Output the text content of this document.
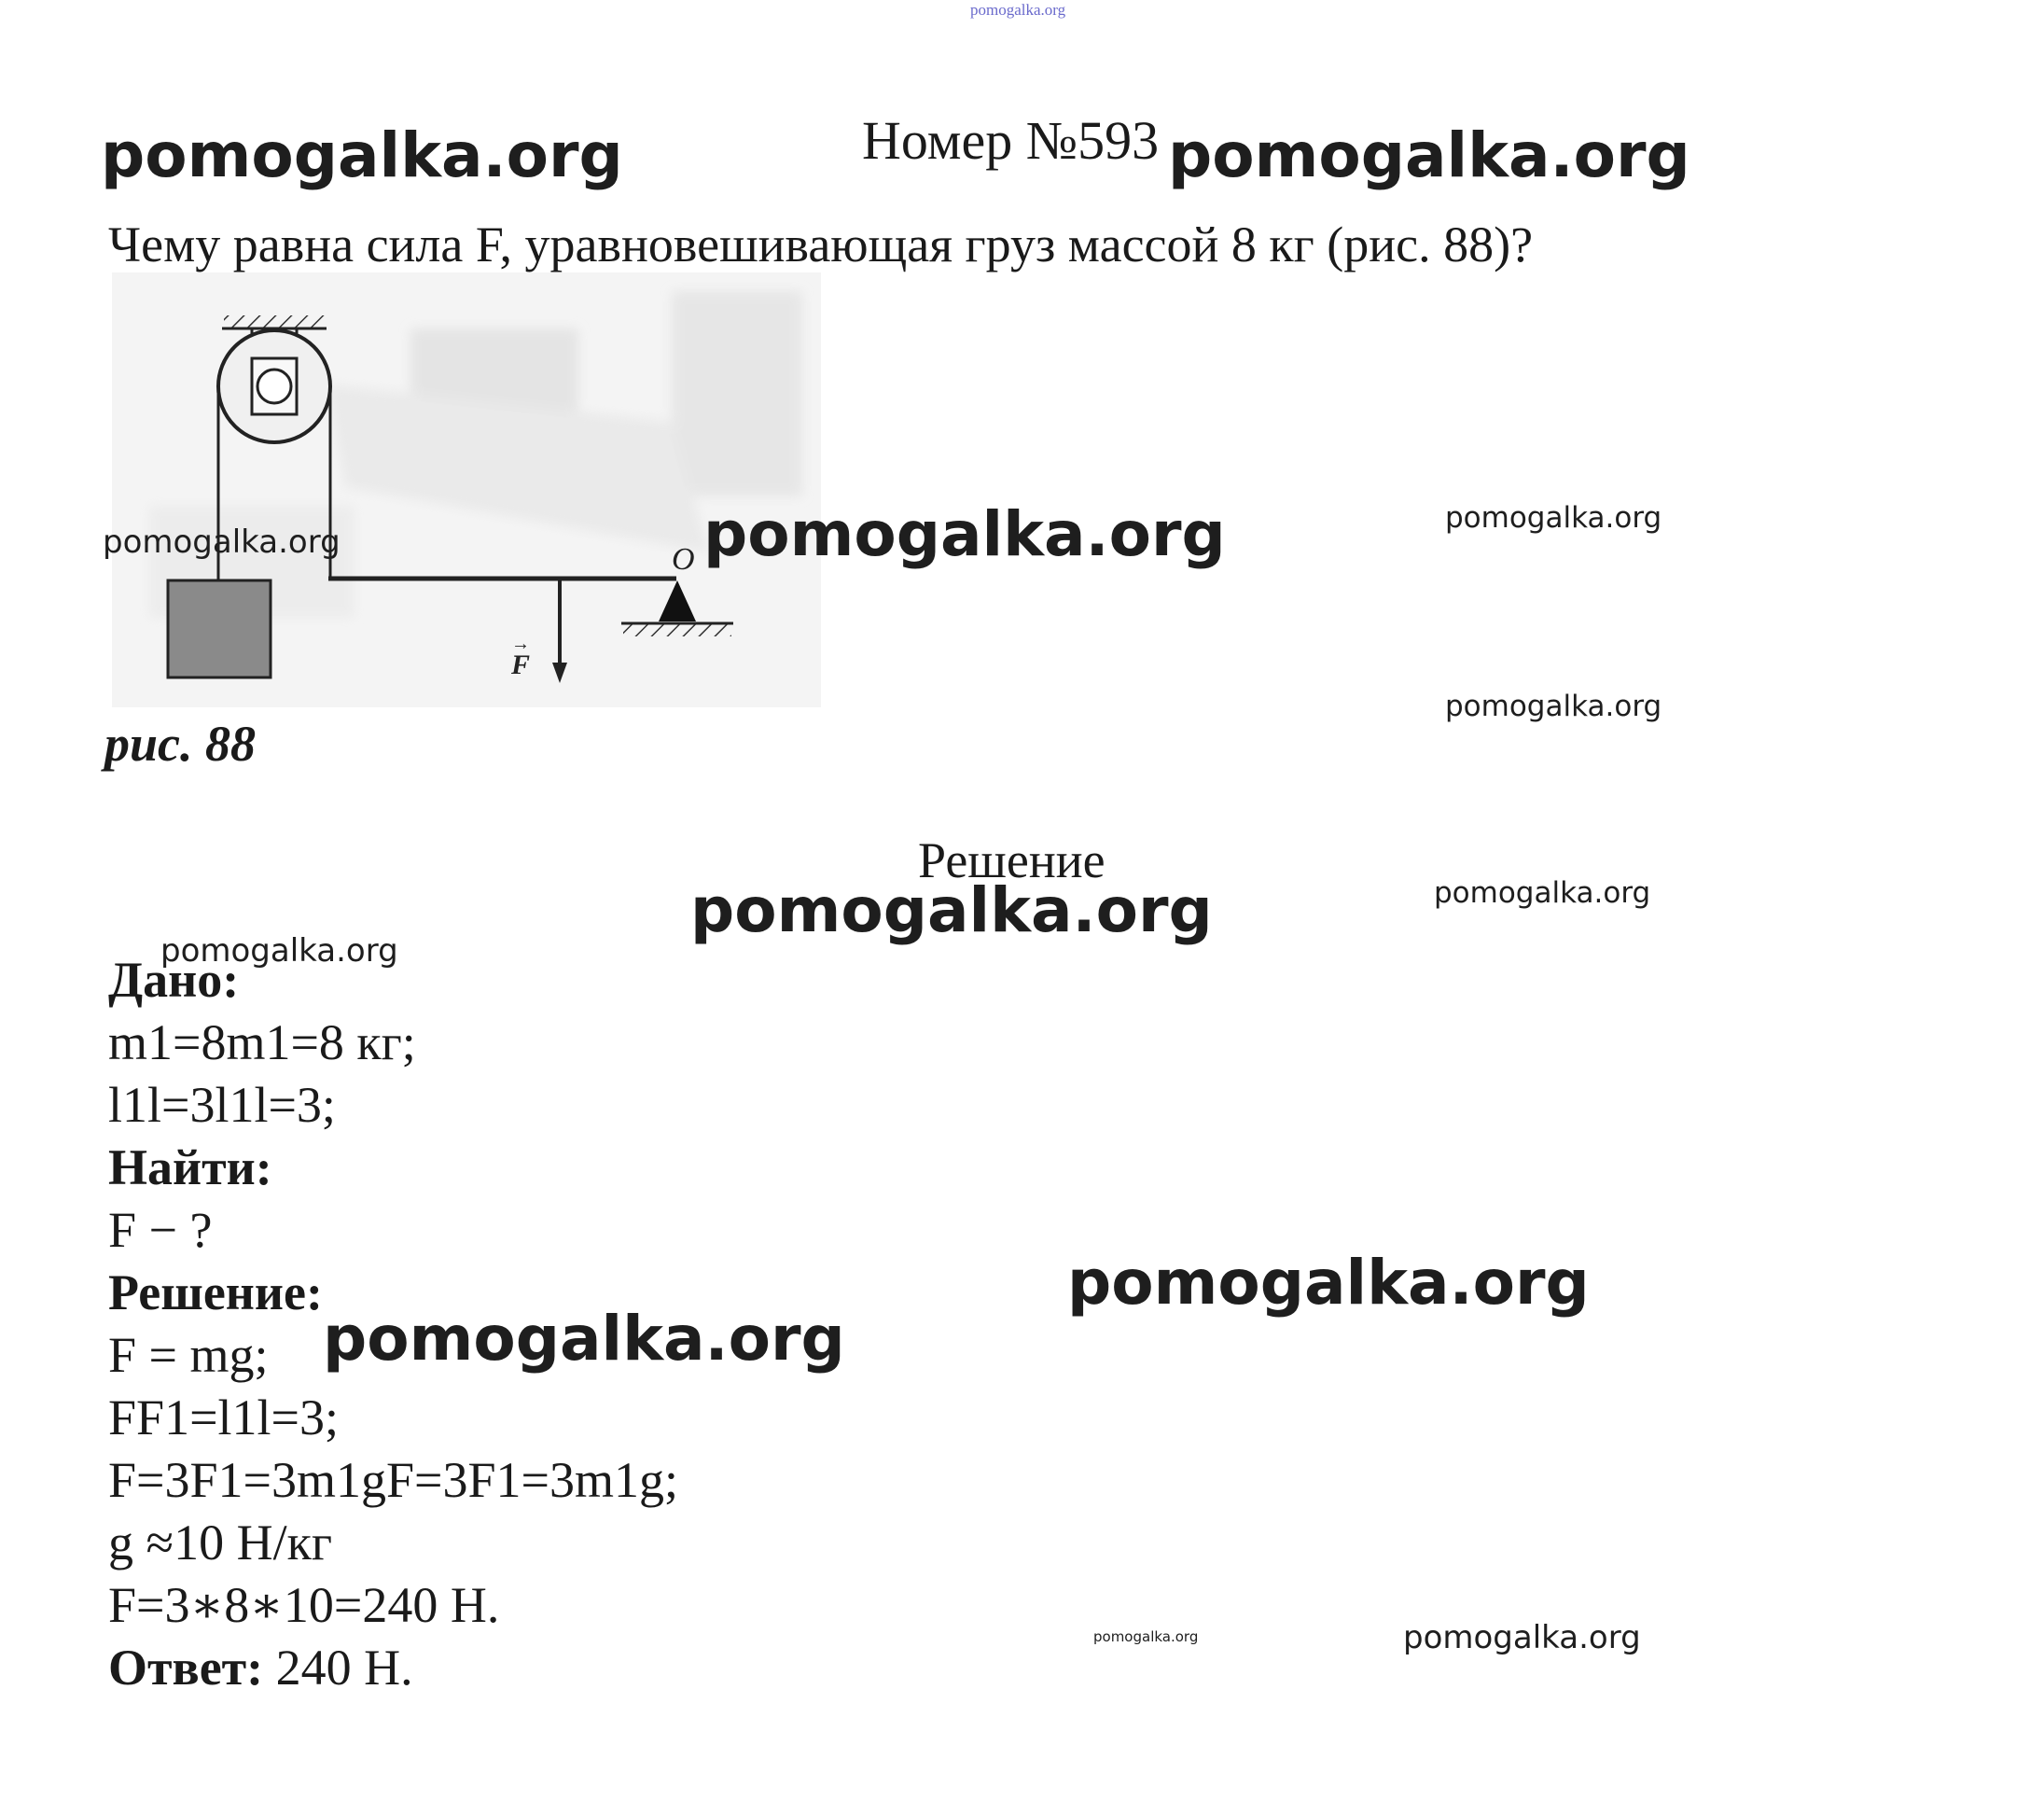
pomogalka.org
pomogalka.org	Номер №593 pomogalka.org
Чему равна сила F, уравновешивающая груз массой 8 кг (рис. 88)?
F
→
O
pomogalka.org	pomogalka.org	pomogalka.org
рис. 88
pomogalka.org
Решение
pomogalka.org	pomogalka.org
Дано:
m1=8m1=8 кг;
l1l=3l1l=3;
Найти:
F − ?
Решение:
F = mg;
FF1=l1l=3;
F=3F1=3m1gF=3F1=3m1g;
g ≈10 Н/кг
F=3∗8∗10=240 Н.
Ответ: 240 Н.
pomogalka.org
pomogalka.org
pomogalka.org
pomogalka.org	pomogalka.org
